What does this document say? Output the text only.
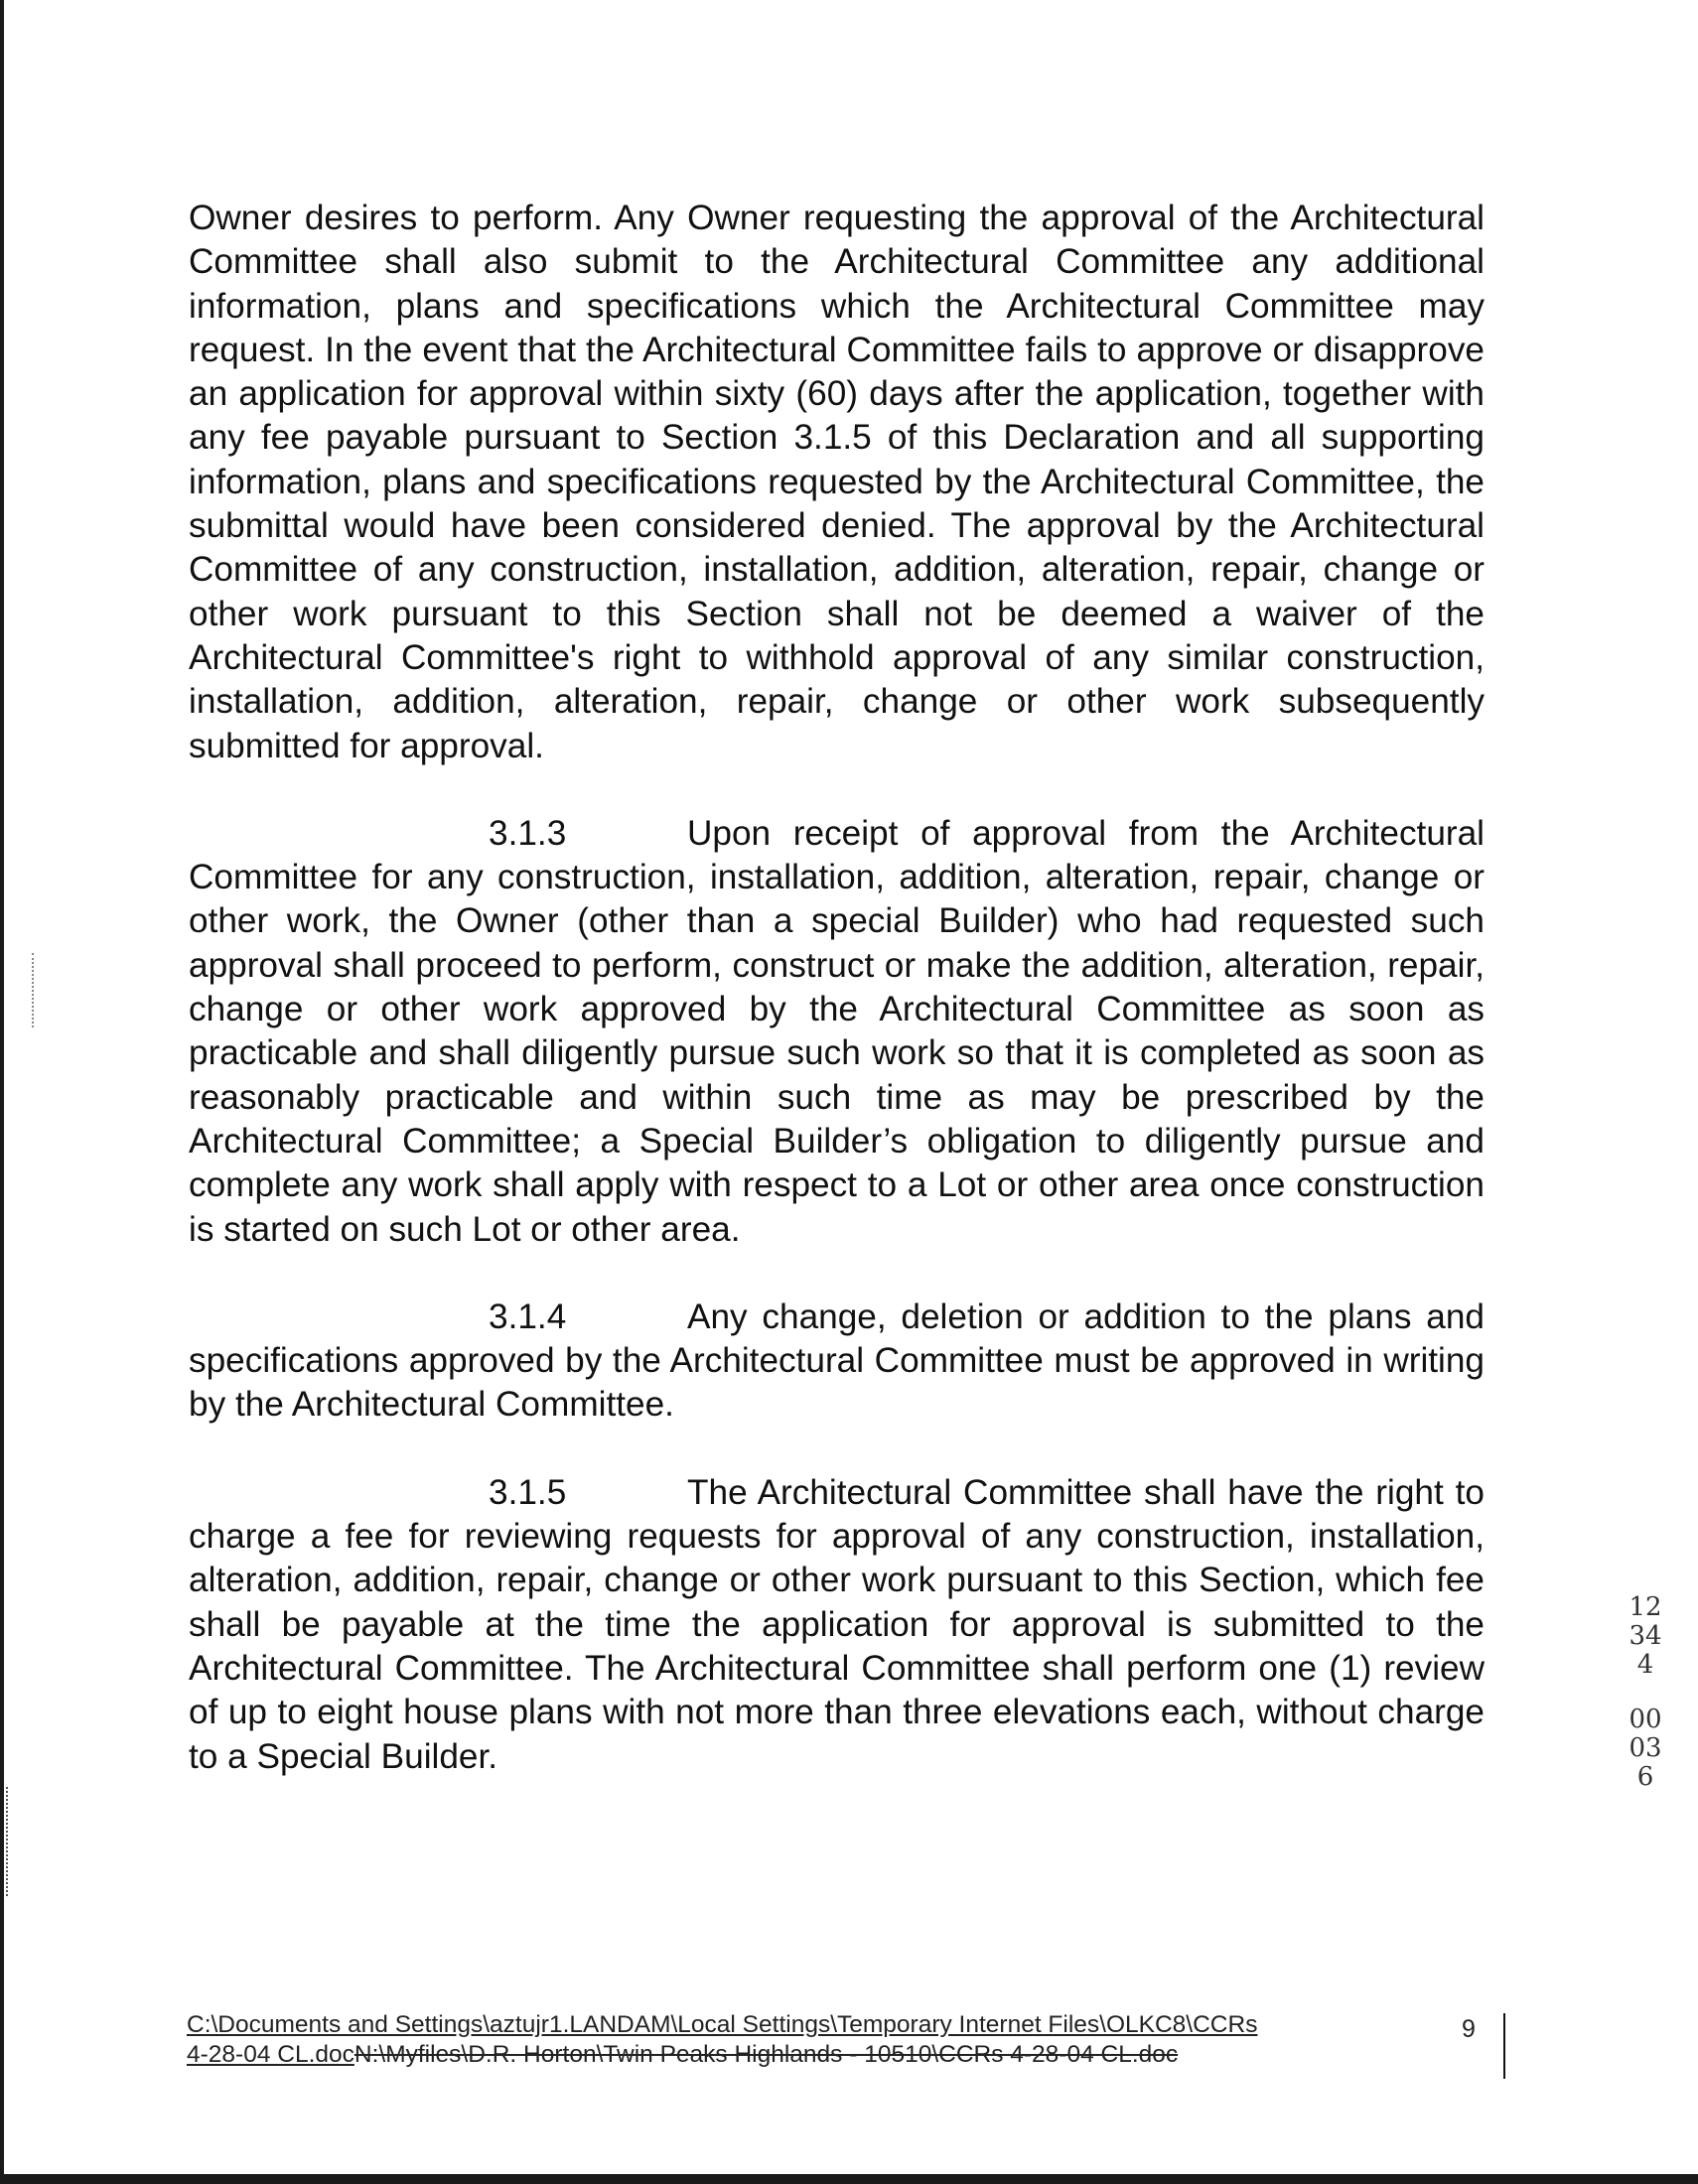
Owner desires to perform. Any Owner requesting the approval of the Architectural Committee shall also submit to the Architectural Committee any additional information, plans and specifications which the Architectural Committee may request. In the event that the Architectural Committee fails to approve or disapprove an application for approval within sixty (60) days after the application, together with any fee payable pursuant to Section 3.1.5 of this Declaration and all supporting information, plans and specifications requested by the Architectural Committee, the submittal would have been considered denied. The approval by the Architectural Committee of any construction, installation, addition, alteration, repair, change or other work pursuant to this Section shall not be deemed a waiver of the Architectural Committee's right to withhold approval of any similar construction, installation, addition, alteration, repair, change or other work subsequently submitted for approval.

3.1.3	Upon receipt of approval from the Architectural Committee for any construction, installation, addition, alteration, repair, change or other work, the Owner (other than a special Builder) who had requested such approval shall proceed to perform, construct or make the addition, alteration, repair, change or other work approved by the Architectural Committee as soon as practicable and shall diligently pursue such work so that it is completed as soon as reasonably practicable and within such time as may be prescribed by the Architectural Committee; a Special Builder’s obligation to diligently pursue and complete any work shall apply with respect to a Lot or other area once construction is started on such Lot or other area.

3.1.4	Any change, deletion or addition to the plans and specifications approved by the Architectural Committee must be approved in writing by the Architectural Committee.

3.1.5	The Architectural Committee shall have the right to charge a fee for reviewing requests for approval of any construction, installation, alteration, addition, repair, change or other work pursuant to this Section, which fee shall be payable at the time the application for approval is submitted to the Architectural Committee. The Architectural Committee shall perform one (1) review of up to eight house plans with not more than three elevations each, without charge to a Special Builder.

12344
00036
C:\Documents and Settings\aztujr1.LANDAM\Local Settings\Temporary Internet Files\OLKC8\CCRs
4-28-04 CL.docN:\Myfiles\D.R. Horton\Twin Peaks Highlands - 10510\CCRs 4-28-04 CL.doc
9
